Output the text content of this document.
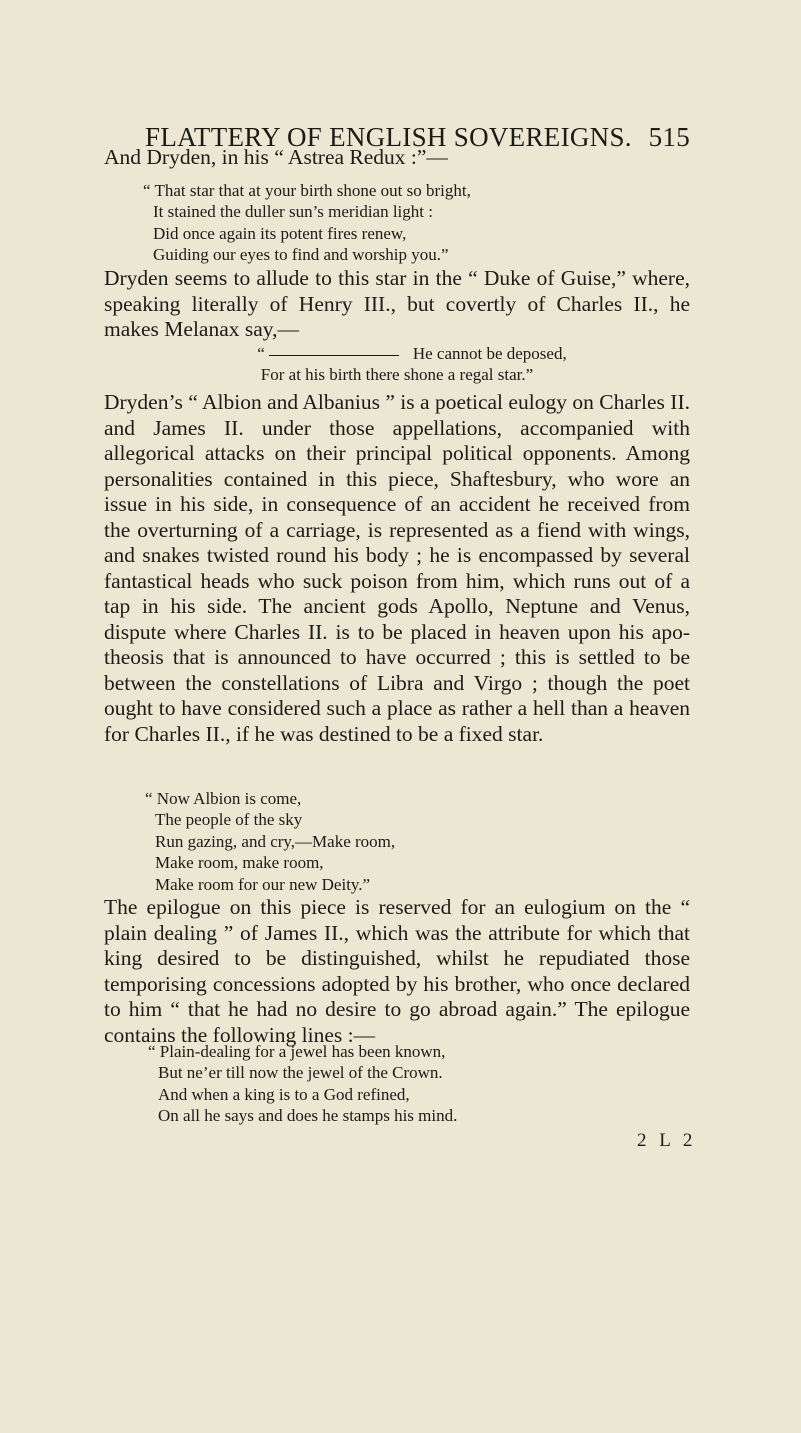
FLATTERY OF ENGLISH SOVEREIGNS. 515

And Dryden, in his “ Astrea Redux :”—

“ That star that at your birth shone out so bright,
It stained the duller sun’s meridian light :
Did once again its potent fires renew,
Guiding our eyes to find and worship you.”

Dryden seems to allude to this star in the “ Duke of Guise,” where, speaking literally of Henry III., but covertly of Charles II., he makes Melanax say,—

“	He cannot be deposed,
For at his birth there shone a regal star.”

Dryden’s “ Albion and Albanius ” is a poetical eulogy on Charles II. and James II. under those appellations, accompanied with allegorical attacks on their principal political opponents. Among personalities contained in this piece, Shaftesbury, who wore an issue in his side, in consequence of an accident he received from the overturning of a carriage, is represented as a fiend with wings, and snakes twisted round his body ; he is encompassed by several fantastical heads who suck poison from him, which runs out of a tap in his side. The ancient gods Apollo, Neptune and Venus, dispute where Charles II. is to be placed in heaven upon his apo- theosis that is announced to have occurred ; this is settled to be between the constellations of Libra and Virgo ; though the poet ought to have considered such a place as rather a hell than a heaven for Charles II., if he was destined to be a fixed star.

“ Now Albion is come,
The people of the sky
Run gazing, and cry,—Make room,
Make room, make room,
Make room for our new Deity.”

The epilogue on this piece is reserved for an eulogium on the “ plain dealing ” of James II., which was the attribute for which that king desired to be distinguished, whilst he repudiated those temporising concessions adopted by his brother, who once declared to him “ that he had no desire to go abroad again.” The epilogue contains the following lines :—

“ Plain-dealing for a jewel has been known,
But ne’er till now the jewel of the Crown.
And when a king is to a God refined,
On all he says and does he stamps his mind.
2 L 2
